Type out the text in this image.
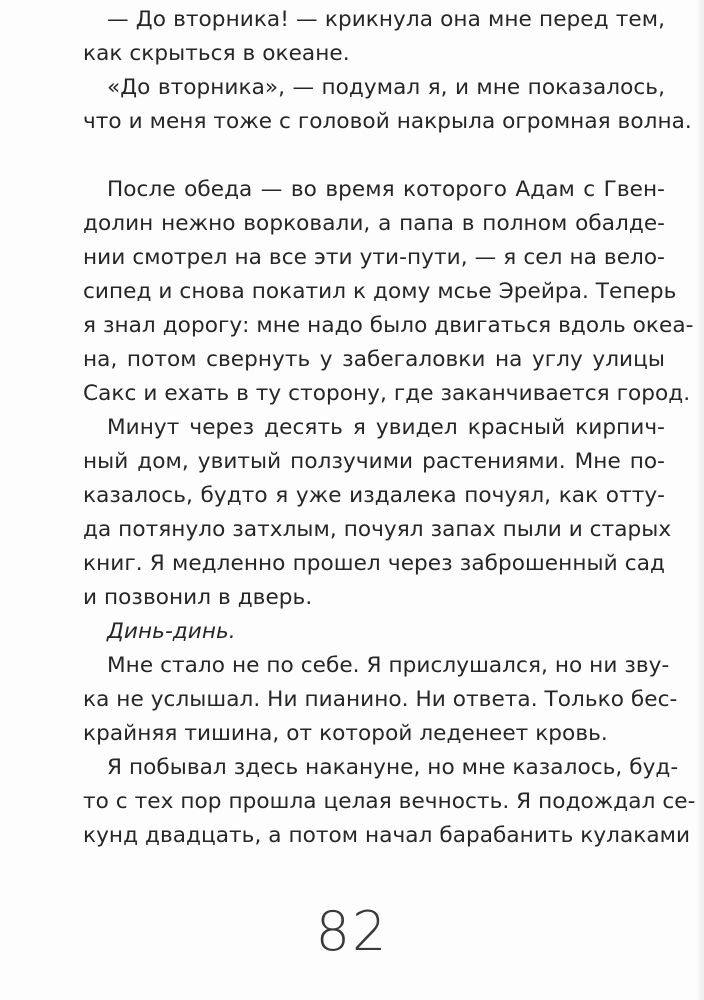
— До вторника! — крикнула она мне перед тем,
как скрыться в океане.
«До вторника», — подумал я, и мне показалось,
что и меня тоже с головой накрыла огромная волна.
После обеда — во время которого Адам с Гвен-
долин нежно ворковали, а папа в полном обалде-
нии смотрел на все эти ути-пути, — я сел на вело-
сипед и снова покатил к дому мсье Эрейра. Теперь
я знал дорогу: мне надо было двигаться вдоль океа-
на, потом свернуть у забегаловки на углу улицы
Сакс и ехать в ту сторону, где заканчивается город.
Минут через десять я увидел красный кирпич-
ный дом, увитый ползучими растениями. Мне по-
казалось, будто я уже издалека почуял, как отту-
да потянуло затхлым, почуял запах пыли и старых
книг. Я медленно прошел через заброшенный сад
и позвонил в дверь.
Динь-динь.
Мне стало не по себе. Я прислушался, но ни зву-
ка не услышал. Ни пианино. Ни ответа. Только бес-
крайняя тишина, от которой леденеет кровь.
Я побывал здесь накануне, но мне казалось, буд-
то с тех пор прошла целая вечность. Я подождал се-
кунд двадцать, а потом начал барабанить кулаками
82
